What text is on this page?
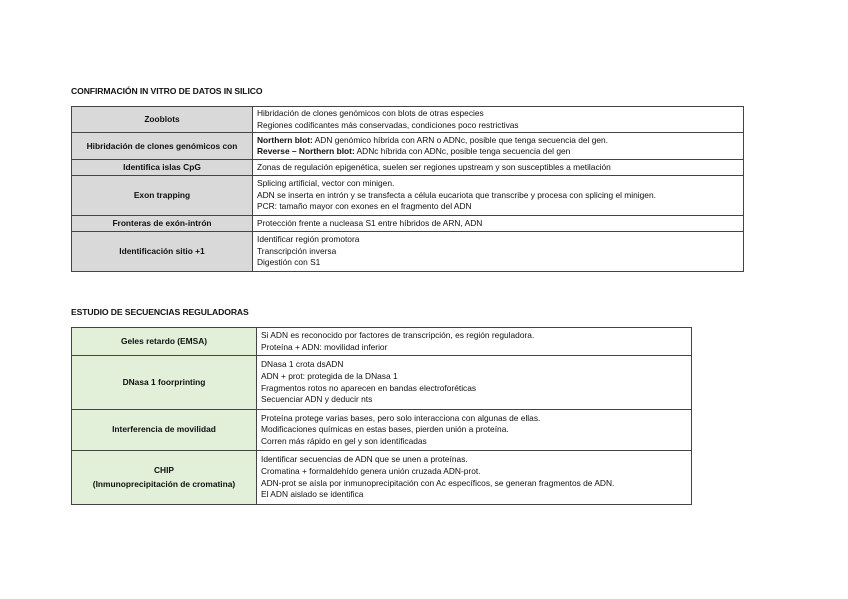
CONFIRMACIÓN IN VITRO DE DATOS IN SILICO
Zooblots	Hibridación de clones genómicos con blots de otras especies
Regiones codificantes más conservadas, condiciones poco restrictivas

Hibridación de clones genómicos con	Northern blot: ADN genómico híbrida con ARN o ADNc, posible que tenga secuencia del gen.
Reverse – Northern blot: ADNc híbrida con ADNc, posible tenga secuencia del gen

Identifica islas CpG	Zonas de regulación epigenética, suelen ser regiones upstream y son susceptibles a metilación

Exon trapping	Splicing artificial, vector con minigen.
ADN se inserta en intrón y se transfecta a célula eucariota que transcribe y procesa con splicing el minigen.
PCR: tamaño mayor con exones en el fragmento del ADN

Fronteras de exón-intrón	Protección frente a nucleasa S1 entre híbridos de ARN, ADN

Identificación sitio +1	Identificar región promotora
Transcripción inversa
Digestión con S1
ESTUDIO DE SECUENCIAS REGULADORAS
Geles retardo (EMSA)	Si ADN es reconocido por factores de transcripción, es región reguladora.
Proteína + ADN: movilidad inferior

DNasa 1 foorprinting	DNasa 1 crota dsADN
ADN + prot: protegida de la DNasa 1
Fragmentos rotos no aparecen en bandas electroforéticas
Secuenciar ADN y deducir nts

Interferencia de movilidad	Proteína protege varias bases, pero solo interacciona con algunas de ellas.
Modificaciones químicas en estas bases, pierden unión a proteína.
Corren más rápido en gel y son identificadas

CHIP
(Inmunoprecipitación de cromatina)	Identificar secuencias de ADN que se unen a proteínas.
Cromatina + formaldehído genera unión cruzada ADN-prot.
ADN-prot se aísla por inmunoprecipitación con Ac específicos, se generan fragmentos de ADN.
El ADN aislado se identifica
